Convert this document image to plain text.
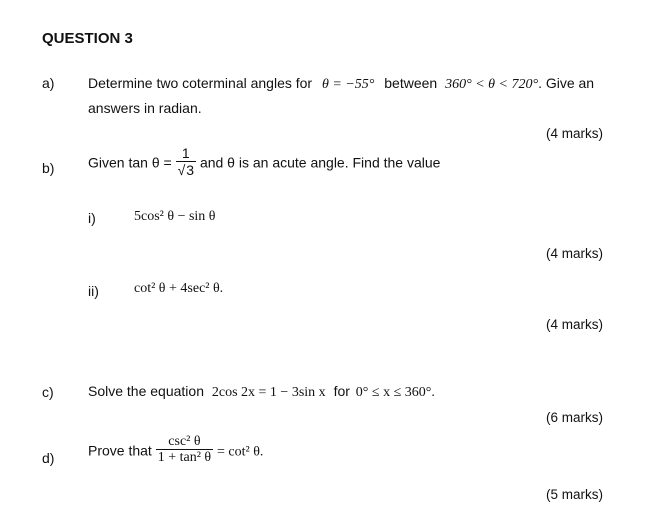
QUESTION 3
a) Determine two coterminal angles for θ = −55° between 360° < θ < 720°. Give an
answers in radian.
(4 marks)
b) Given $\tan \theta = \frac{1}{√3}$ and θ is an acute angle. Find the value
i)	5cos² θ − sin θ
(4 marks)
ii)	cot² θ + 4sec² θ.
(4 marks)
c) Solve the equation 2cos 2x = 1 − 3sin x for 0° ≤ x ≤ 360°.
(6 marks)
d) Prove that $\frac{\text{csc² θ}}{\text{1 + tan² θ}} = \cot^2$ θ.
(5 marks)
